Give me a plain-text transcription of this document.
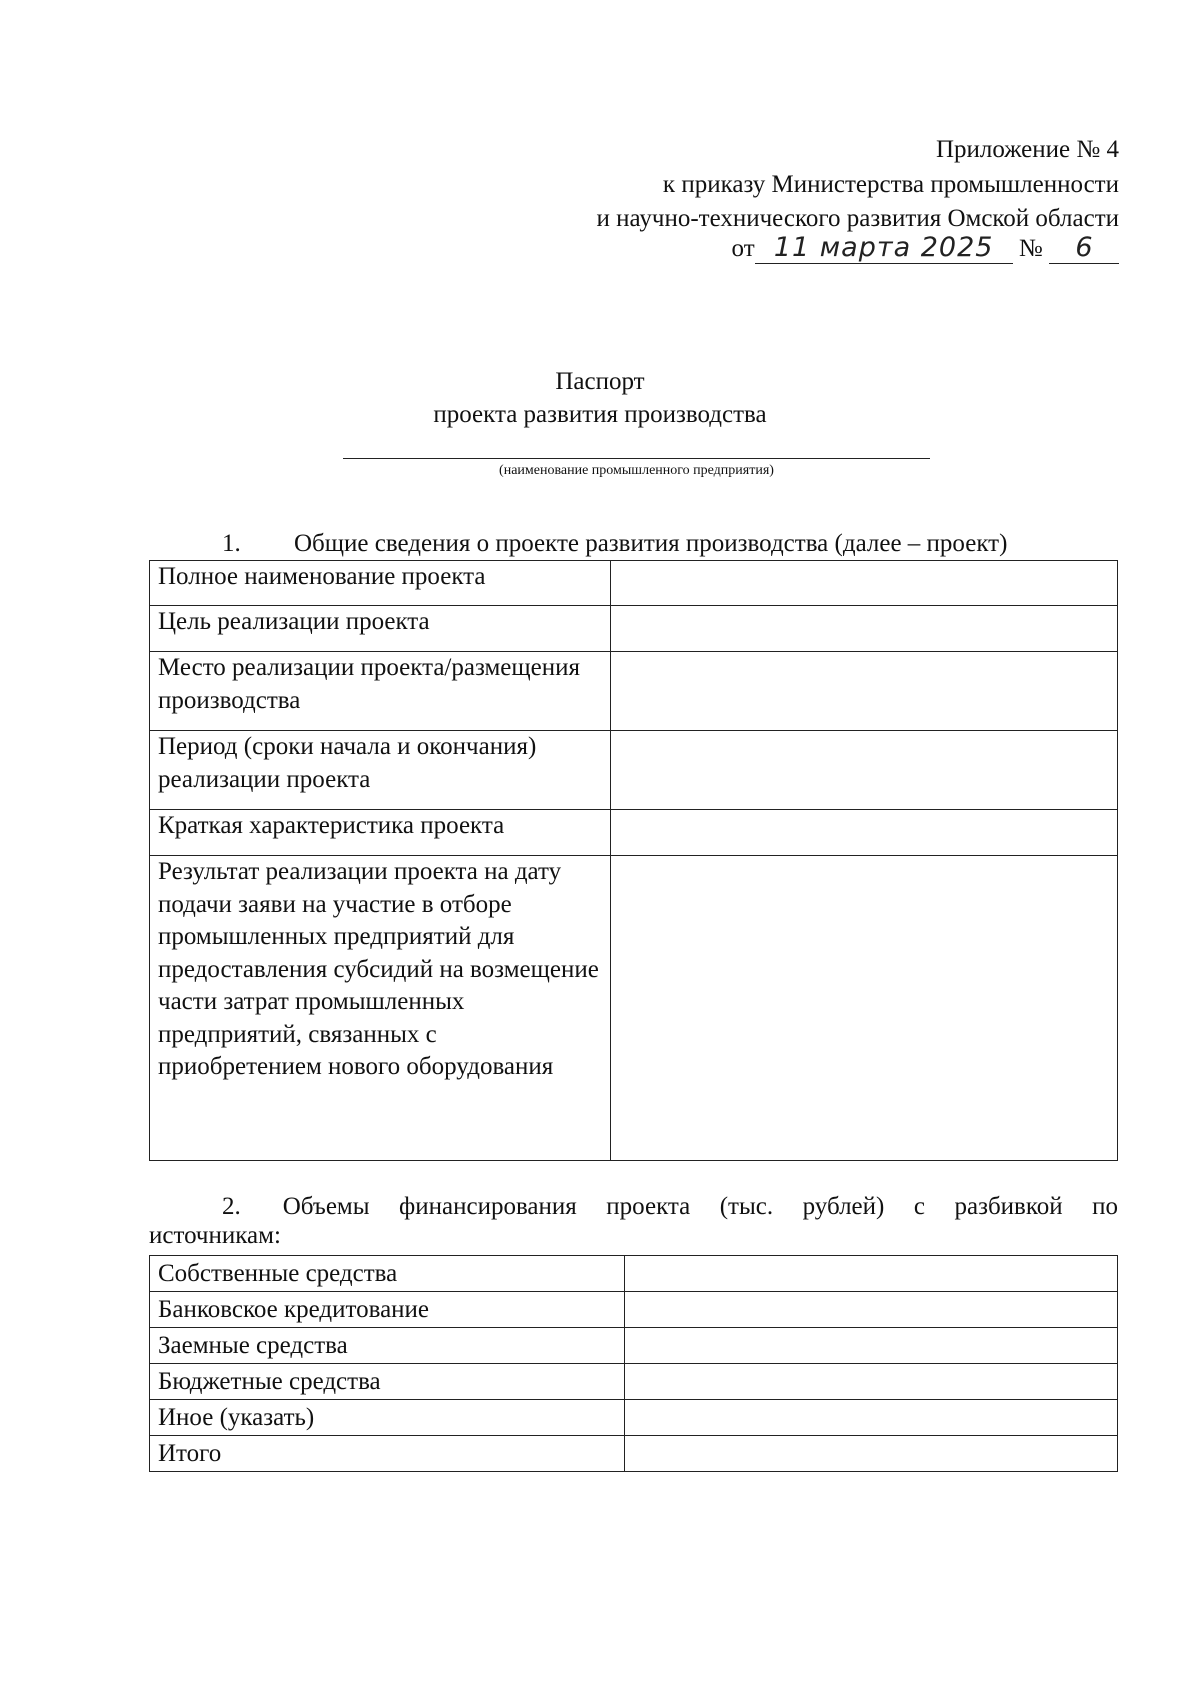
Приложение № 4
к приказу Министерства промышленности
и научно-технического развития Омской области
от 11 марта 2025 № 6
Паспорт
проекта развития производства
(наименование промышленного предприятия)
1. Общие сведения о проекте развития производства (далее – проект)
Полное наименование проекта	
Цель реализации проекта	
Место реализации проекта/размещения производства	
Период (сроки начала и окончания) реализации проекта	
Краткая характеристика проекта	
Результат реализации проекта на дату подачи заяви на участие в отборе промышленных предприятий для предоставления субсидий на возмещение части затрат промышленных предприятий, связанных с приобретением нового оборудования	
2. Объемы финансирования проекта (тыс. рублей) с разбивкой по
источникам:
Собственные средства	
Банковское кредитование	
Заемные средства	
Бюджетные средства	
Иное (указать)	
Итого	
